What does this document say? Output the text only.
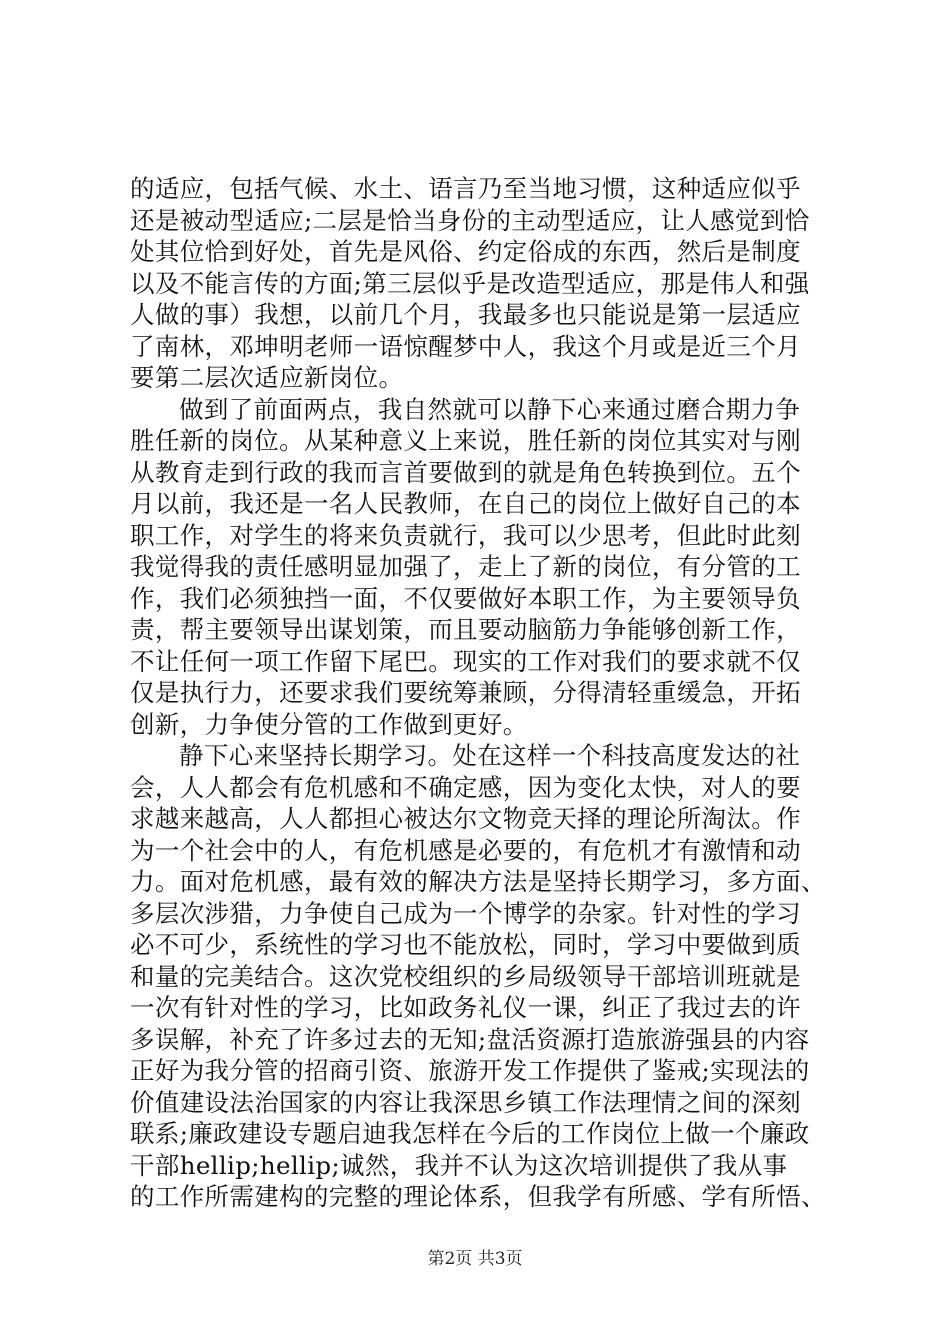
的适应，包括气候、水土、语言乃至当地习惯，这种适应似乎
还是被动型适应;二层是恰当身份的主动型适应，让人感觉到恰
处其位恰到好处，首先是风俗、约定俗成的东西，然后是制度
以及不能言传的方面;第三层似乎是改造型适应，那是伟人和强
人做的事）我想，以前几个月，我最多也只能说是第一层适应
了南林，邓坤明老师一语惊醒梦中人，我这个月或是近三个月
要第二层次适应新岗位。
做到了前面两点，我自然就可以静下心来通过磨合期力争
胜任新的岗位。从某种意义上来说，胜任新的岗位其实对与刚
从教育走到行政的我而言首要做到的就是角色转换到位。五个
月以前，我还是一名人民教师，在自己的岗位上做好自己的本
职工作，对学生的将来负责就行，我可以少思考，但此时此刻
我觉得我的责任感明显加强了，走上了新的岗位，有分管的工
作，我们必须独挡一面，不仅要做好本职工作，为主要领导负
责，帮主要领导出谋划策，而且要动脑筋力争能够创新工作，
不让任何一项工作留下尾巴。现实的工作对我们的要求就不仅
仅是执行力，还要求我们要统筹兼顾，分得清轻重缓急，开拓
创新，力争使分管的工作做到更好。
静下心来坚持长期学习。处在这样一个科技高度发达的社
会，人人都会有危机感和不确定感，因为变化太快，对人的要
求越来越高，人人都担心被达尔文物竞天择的理论所淘汰。作
为一个社会中的人，有危机感是必要的，有危机才有激情和动
力。面对危机感，最有效的解决方法是坚持长期学习，多方面、
多层次涉猎，力争使自己成为一个博学的杂家。针对性的学习
必不可少，系统性的学习也不能放松，同时，学习中要做到质
和量的完美结合。这次党校组织的乡局级领导干部培训班就是
一次有针对性的学习，比如政务礼仪一课，纠正了我过去的许
多误解，补充了许多过去的无知;盘活资源打造旅游强县的内容
正好为我分管的招商引资、旅游开发工作提供了鉴戒;实现法的
价值建设法治国家的内容让我深思乡镇工作法理情之间的深刻
联系;廉政建设专题启迪我怎样在今后的工作岗位上做一个廉政
干部hellip;hellip;诚然，我并不认为这次培训提供了我从事
的工作所需建构的完整的理论体系，但我学有所感、学有所悟、
第2页 共3页
